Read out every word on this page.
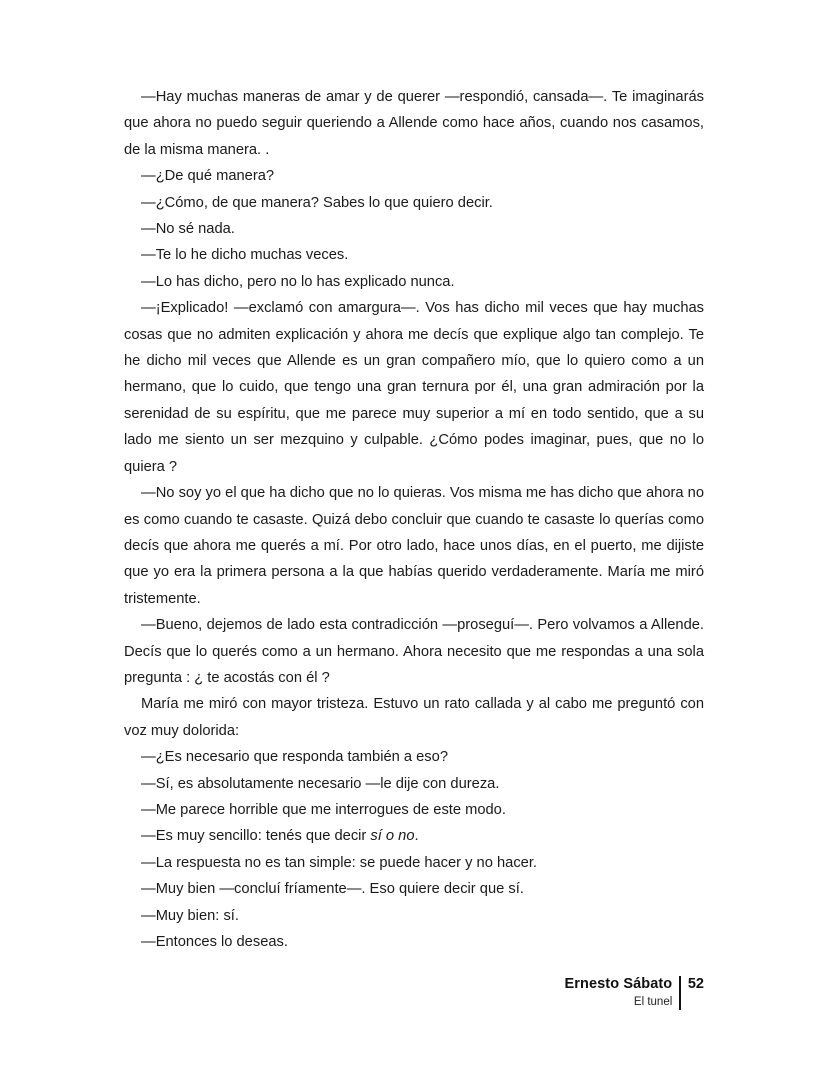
—Hay muchas maneras de amar y de querer —respondió, cansada—. Te imaginarás que ahora no puedo seguir queriendo a Allende como hace años, cuando nos casamos, de la misma manera. .

—¿De qué manera?

—¿Cómo, de que manera? Sabes lo que quiero decir.

—No sé nada.

—Te lo he dicho muchas veces.

—Lo has dicho, pero no lo has explicado nunca.

—¡Explicado! —exclamó con amargura—. Vos has dicho mil veces que hay muchas cosas que no admiten explicación y ahora me decís que explique algo tan complejo. Te he dicho mil veces que Allende es un gran compañero mío, que lo quiero como a un hermano, que lo cuido, que tengo una gran ternura por él, una gran admiración por la serenidad de su espíritu, que me parece muy superior a mí en todo sentido, que a su lado me siento un ser mezquino y culpable. ¿Cómo podes imaginar, pues, que no lo quiera ?

—No soy yo el que ha dicho que no lo quieras. Vos misma me has dicho que ahora no es como cuando te casaste. Quizá debo concluir que cuando te casaste lo querías como decís que ahora me querés a mí. Por otro lado, hace unos días, en el puerto, me dijiste que yo era la primera persona a la que habías querido verdaderamente. María me miró tristemente.

—Bueno, dejemos de lado esta contradicción —proseguí—. Pero volvamos a Allende. Decís que lo querés como a un hermano. Ahora necesito que me respondas a una sola pregunta : ¿ te acostás con él ?

María me miró con mayor tristeza. Estuvo un rato callada y al cabo me preguntó con voz muy dolorida:

—¿Es necesario que responda también a eso?

—Sí, es absolutamente necesario —le dije con dureza.

—Me parece horrible que me interrogues de este modo.

—Es muy sencillo: tenés que decir sí o no.

—La respuesta no es tan simple: se puede hacer y no hacer.

—Muy bien —concluí fríamente—. Eso quiere decir que sí.

—Muy bien: sí.

—Entonces lo deseas.

Ernesto Sábato
El tunel
52
